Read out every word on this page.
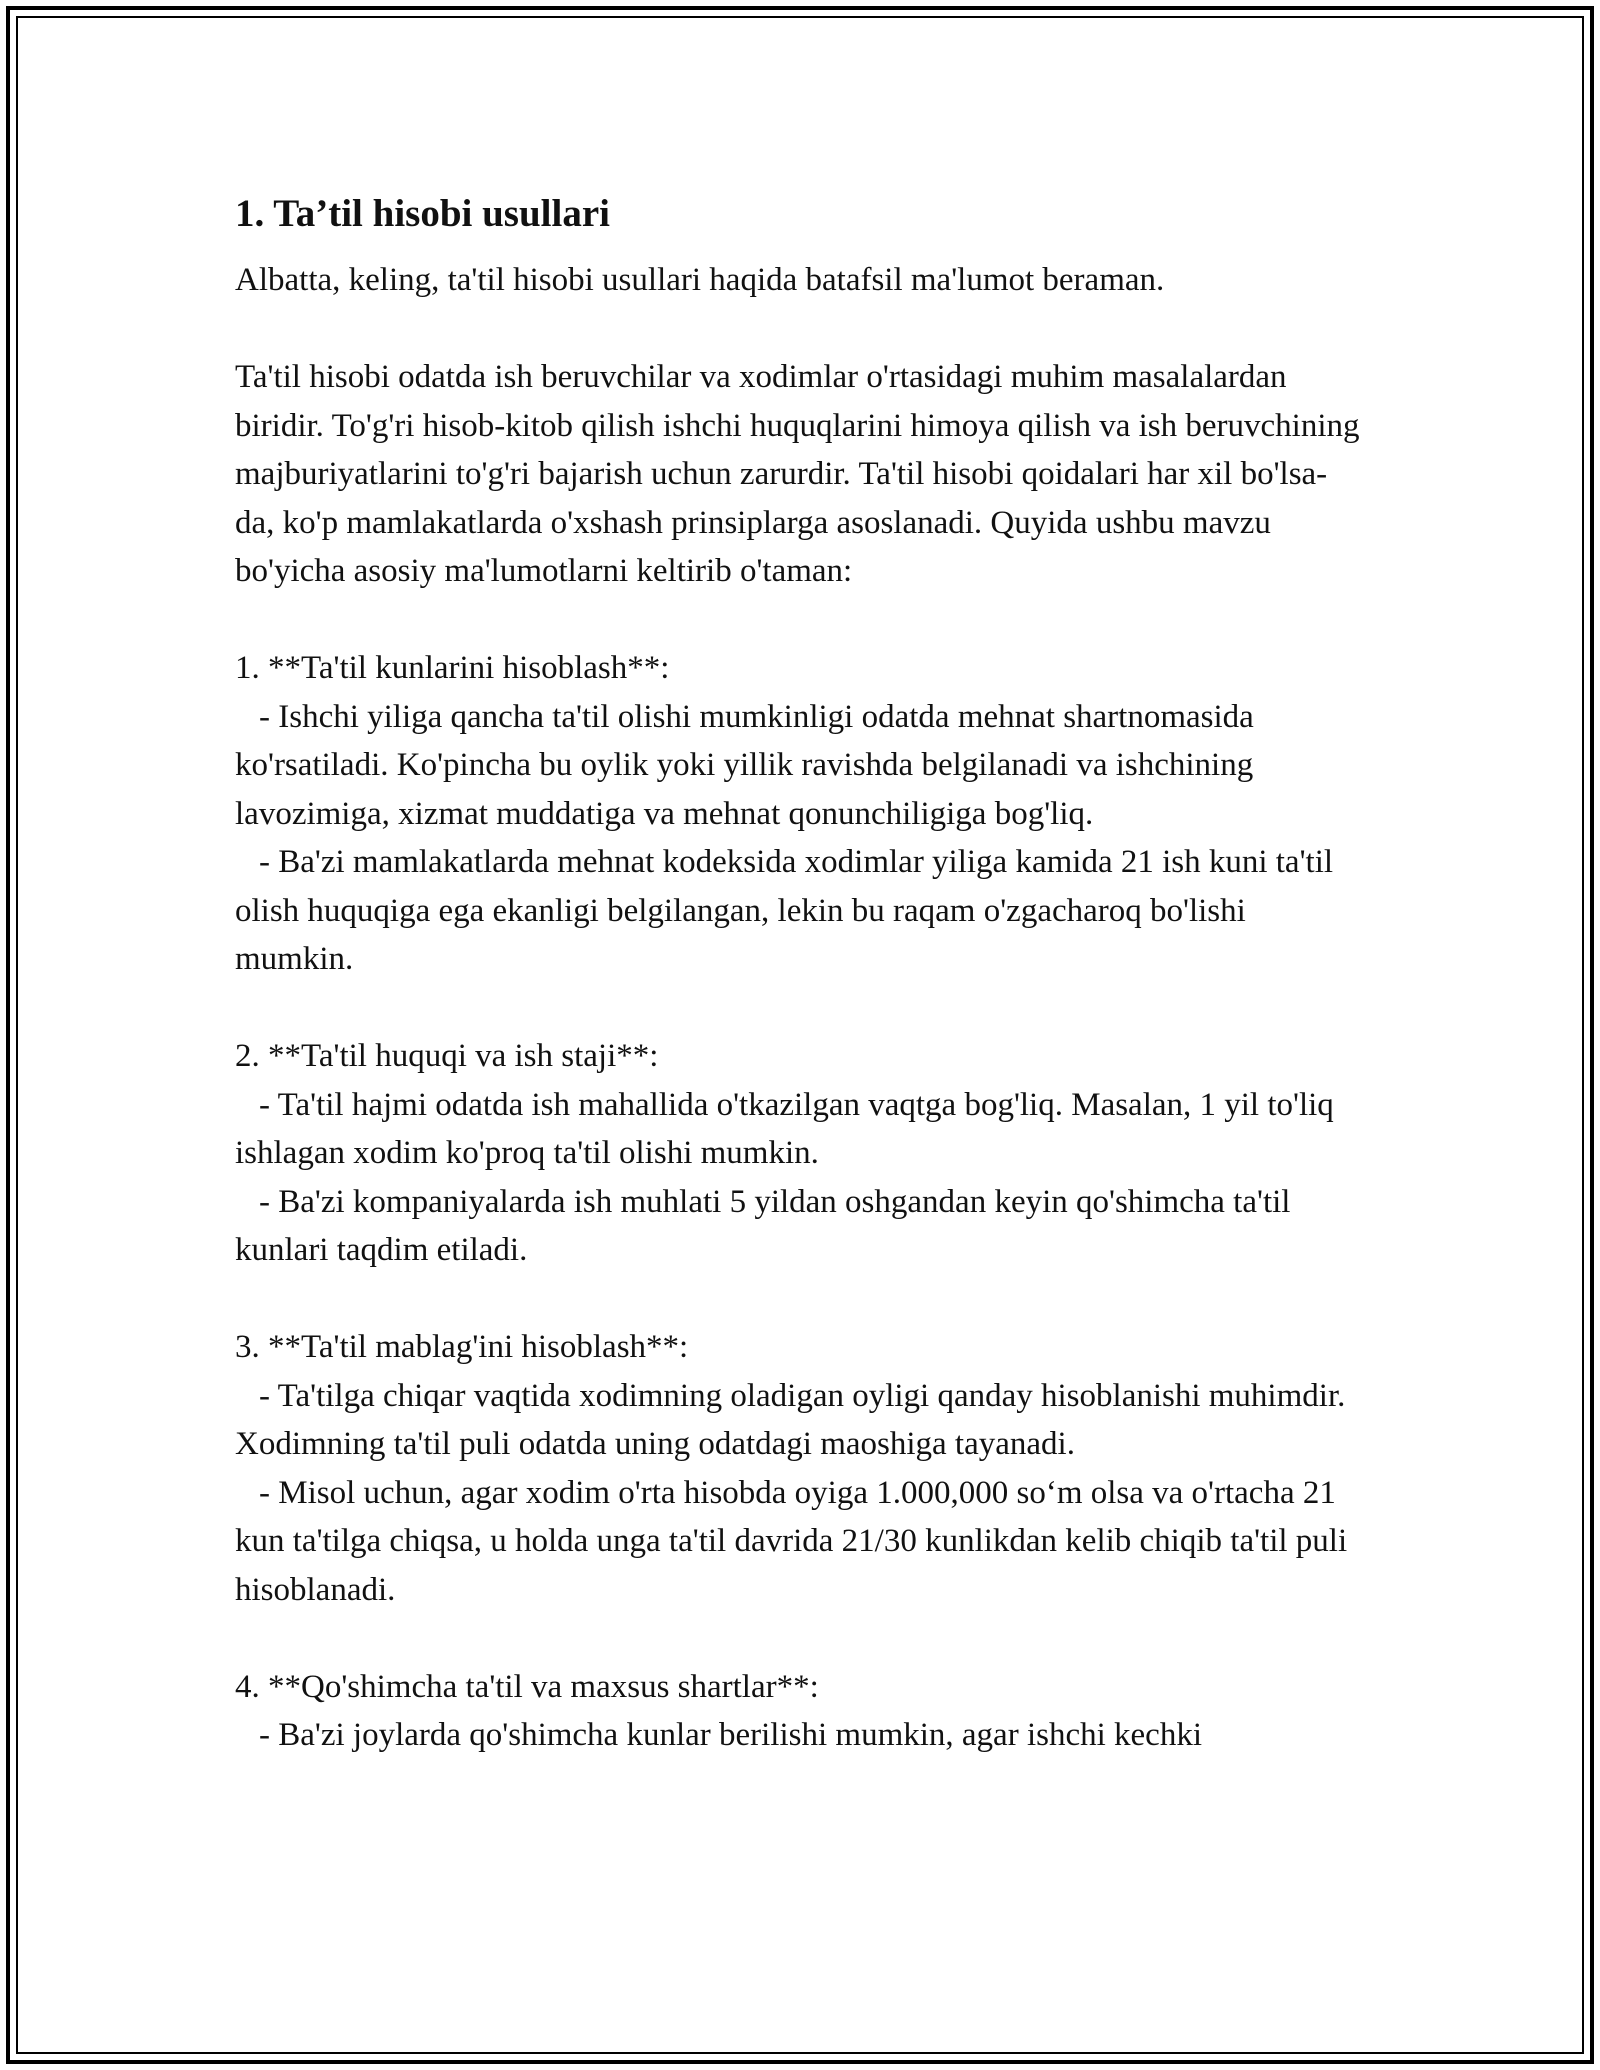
1. Ta’til hisobi usullari

Albatta, keling, ta'til hisobi usullari haqida batafsil ma'lumot beraman.

Ta'til hisobi odatda ish beruvchilar va xodimlar o'rtasidagi muhim masalalardan biridir. To'g'ri hisob-kitob qilish ishchi huquqlarini himoya qilish va ish beruvchining majburiyatlarini to'g'ri bajarish uchun zarurdir. Ta'til hisobi qoidalari har xil bo'lsa-da, ko'p mamlakatlarda o'xshash prinsiplarga asoslanadi. Quyida ushbu mavzu bo'yicha asosiy ma'lumotlarni keltirib o'taman:

1. **Ta'til kunlarini hisoblash**:
- Ishchi yiliga qancha ta'til olishi mumkinligi odatda mehnat shartnomasida ko'rsatiladi. Ko'pincha bu oylik yoki yillik ravishda belgilanadi va ishchining lavozimiga, xizmat muddatiga va mehnat qonunchiligiga bog'liq.
- Ba'zi mamlakatlarda mehnat kodeksida xodimlar yiliga kamida 21 ish kuni ta'til olish huquqiga ega ekanligi belgilangan, lekin bu raqam o'zgacharoq bo'lishi mumkin.
2. **Ta'til huquqi va ish staji**:
- Ta'til hajmi odatda ish mahallida o'tkazilgan vaqtga bog'liq. Masalan, 1 yil to'liq ishlagan xodim ko'proq ta'til olishi mumkin.
- Ba'zi kompaniyalarda ish muhlati 5 yildan oshgandan keyin qo'shimcha ta'til kunlari taqdim etiladi.
3. **Ta'til mablag'ini hisoblash**:
- Ta'tilga chiqar vaqtida xodimning oladigan oyligi qanday hisoblanishi muhimdir. Xodimning ta'til puli odatda uning odatdagi maoshiga tayanadi.
- Misol uchun, agar xodim o'rta hisobda oyiga 1.000,000 so‘m olsa va o'rtacha 21 kun ta'tilga chiqsa, u holda unga ta'til davrida 21/30 kunlikdan kelib chiqib ta'til puli hisoblanadi.
4. **Qo'shimcha ta'til va maxsus shartlar**:
- Ba'zi joylarda qo'shimcha kunlar berilishi mumkin, agar ishchi kechki
